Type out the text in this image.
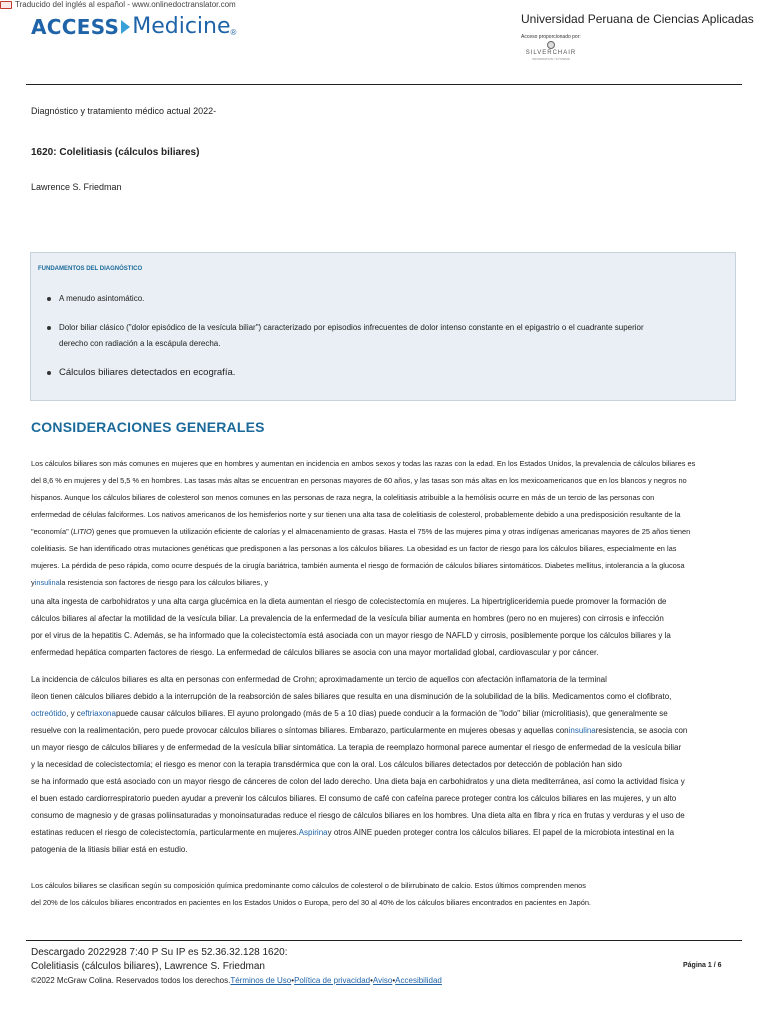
Traducido del inglés al español - www.onlinedoctranslator.com
ACCESS Medicine ®
Universidad Peruana de Ciencias Aplicadas
Acceso proporcionado por:
SILVERCHAIR
INFORMATION / SYSTEMS
Diagnóstico y tratamiento médico actual 2022-
1620: Colelitiasis (cálculos biliares)
Lawrence S. Friedman
FUNDAMENTOS DEL DIAGNÓSTICO
A menudo asintomático.
Dolor biliar clásico ("dolor episódico de la vesícula biliar") caracterizado por episodios infrecuentes de dolor intenso constante en el epigastrio o el cuadrante superior
derecho con radiación a la escápula derecha.
Cálculos biliares detectados en ecografía.
CONSIDERACIONES GENERALES
Los cálculos biliares son más comunes en mujeres que en hombres y aumentan en incidencia en ambos sexos y todas las razas con la edad. En los Estados Unidos, la prevalencia de cálculos biliares es
del 8,6 % en mujeres y del 5,5 % en hombres. Las tasas más altas se encuentran en personas mayores de 60 años, y las tasas son más altas en los mexicoamericanos que en los blancos y negros no
hispanos. Aunque los cálculos biliares de colesterol son menos comunes en las personas de raza negra, la colelitiasis atribuible a la hemólisis ocurre en más de un tercio de las personas con
enfermedad de células falciformes. Los nativos americanos de los hemisferios norte y sur tienen una alta tasa de colelitiasis de colesterol, probablemente debido a una predisposición resultante de la
"economía" (LITIO) genes que promueven la utilización eficiente de calorías y el almacenamiento de grasas. Hasta el 75% de las mujeres pima y otras indígenas americanas mayores de 25 años tienen
colelitiasis. Se han identificado otras mutaciones genéticas que predisponen a las personas a los cálculos biliares. La obesidad es un factor de riesgo para los cálculos biliares, especialmente en las
mujeres. La pérdida de peso rápida, como ocurre después de la cirugía bariátrica, también aumenta el riesgo de formación de cálculos biliares sintomáticos. Diabetes mellitus, intolerancia a la glucosa
yinsulinala resistencia son factores de riesgo para los cálculos biliares, y
una alta ingesta de carbohidratos y una alta carga glucémica en la dieta aumentan el riesgo de colecistectomía en mujeres. La hipertrigliceridemia puede promover la formación de
cálculos biliares al afectar la motilidad de la vesícula biliar. La prevalencia de la enfermedad de la vesícula biliar aumenta en hombres (pero no en mujeres) con cirrosis e infección
por el virus de la hepatitis C. Además, se ha informado que la colecistectomía está asociada con un mayor riesgo de NAFLD y cirrosis, posiblemente porque los cálculos biliares y la
enfermedad hepática comparten factores de riesgo. La enfermedad de cálculos biliares se asocia con una mayor mortalidad global, cardiovascular y por cáncer.
La incidencia de cálculos biliares es alta en personas con enfermedad de Crohn; aproximadamente un tercio de aquellos con afectación inflamatoria de la terminal
íleon tienen cálculos biliares debido a la interrupción de la reabsorción de sales biliares que resulta en una disminución de la solubilidad de la bilis. Medicamentos como el clofibrato,
octreótido, y ceftriaxonapuede causar cálculos biliares. El ayuno prolongado (más de 5 a 10 días) puede conducir a la formación de "lodo" biliar (microlitiasis), que generalmente se
resuelve con la realimentación, pero puede provocar cálculos biliares o síntomas biliares. Embarazo, particularmente en mujeres obesas y aquellas coninsulinaresistencia, se asocia con
un mayor riesgo de cálculos biliares y de enfermedad de la vesícula biliar sintomática. La terapia de reemplazo hormonal parece aumentar el riesgo de enfermedad de la vesícula biliar
y la necesidad de colecistectomía; el riesgo es menor con la terapia transdérmica que con la oral. Los cálculos biliares detectados por detección de población han sido
se ha informado que está asociado con un mayor riesgo de cánceres de colon del lado derecho. Una dieta baja en carbohidratos y una dieta mediterránea, así como la actividad física y
el buen estado cardiorrespiratorio pueden ayudar a prevenir los cálculos biliares. El consumo de café con cafeína parece proteger contra los cálculos biliares en las mujeres, y un alto
consumo de magnesio y de grasas poliinsaturadas y monoinsaturadas reduce el riesgo de cálculos biliares en los hombres. Una dieta alta en fibra y rica en frutas y verduras y el uso de
estatinas reducen el riesgo de colecistectomía, particularmente en mujeres.Aspirinay otros AINE pueden proteger contra los cálculos biliares. El papel de la microbiota intestinal en la
patogenia de la litiasis biliar está en estudio.
Los cálculos biliares se clasifican según su composición química predominante como cálculos de colesterol o de bilirrubinato de calcio. Estos últimos comprenden menos
del 20% de los cálculos biliares encontrados en pacientes en los Estados Unidos o Europa, pero del 30 al 40% de los cálculos biliares encontrados en pacientes en Japón.
Descargado 2022928 7:40 P Su IP es 52.36.32.128 1620:
Colelitiasis (cálculos biliares), Lawrence S. Friedman
©2022 McGraw Colina. Reservados todos los derechos.Términos de Uso•Política de privacidad•Aviso•Accesibilidad
Página 1 / 6
